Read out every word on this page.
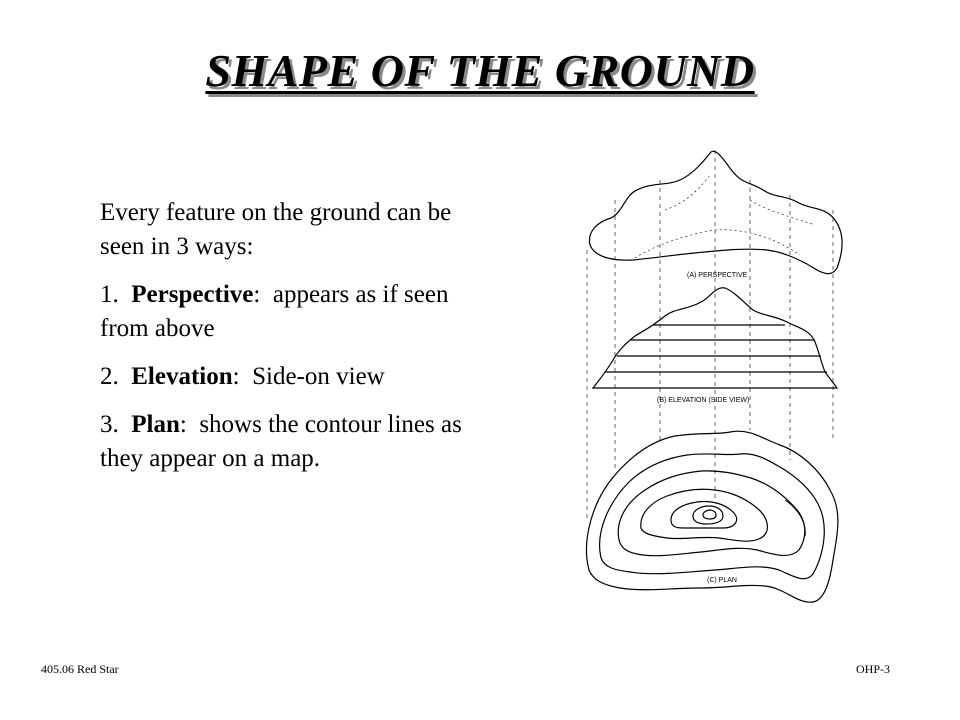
SHAPE OF THE GROUND

Every feature on the ground can be seen in 3 ways:

1. Perspective: appears as if seen from above

2. Elevation: Side-on view

3. Plan: shows the contour lines as they appear on a map.

(A) PERSPECTIVE
(B) ELEVATION (SIDE VIEW)
(C) PLAN
405.06 Red Star	OHP-3
